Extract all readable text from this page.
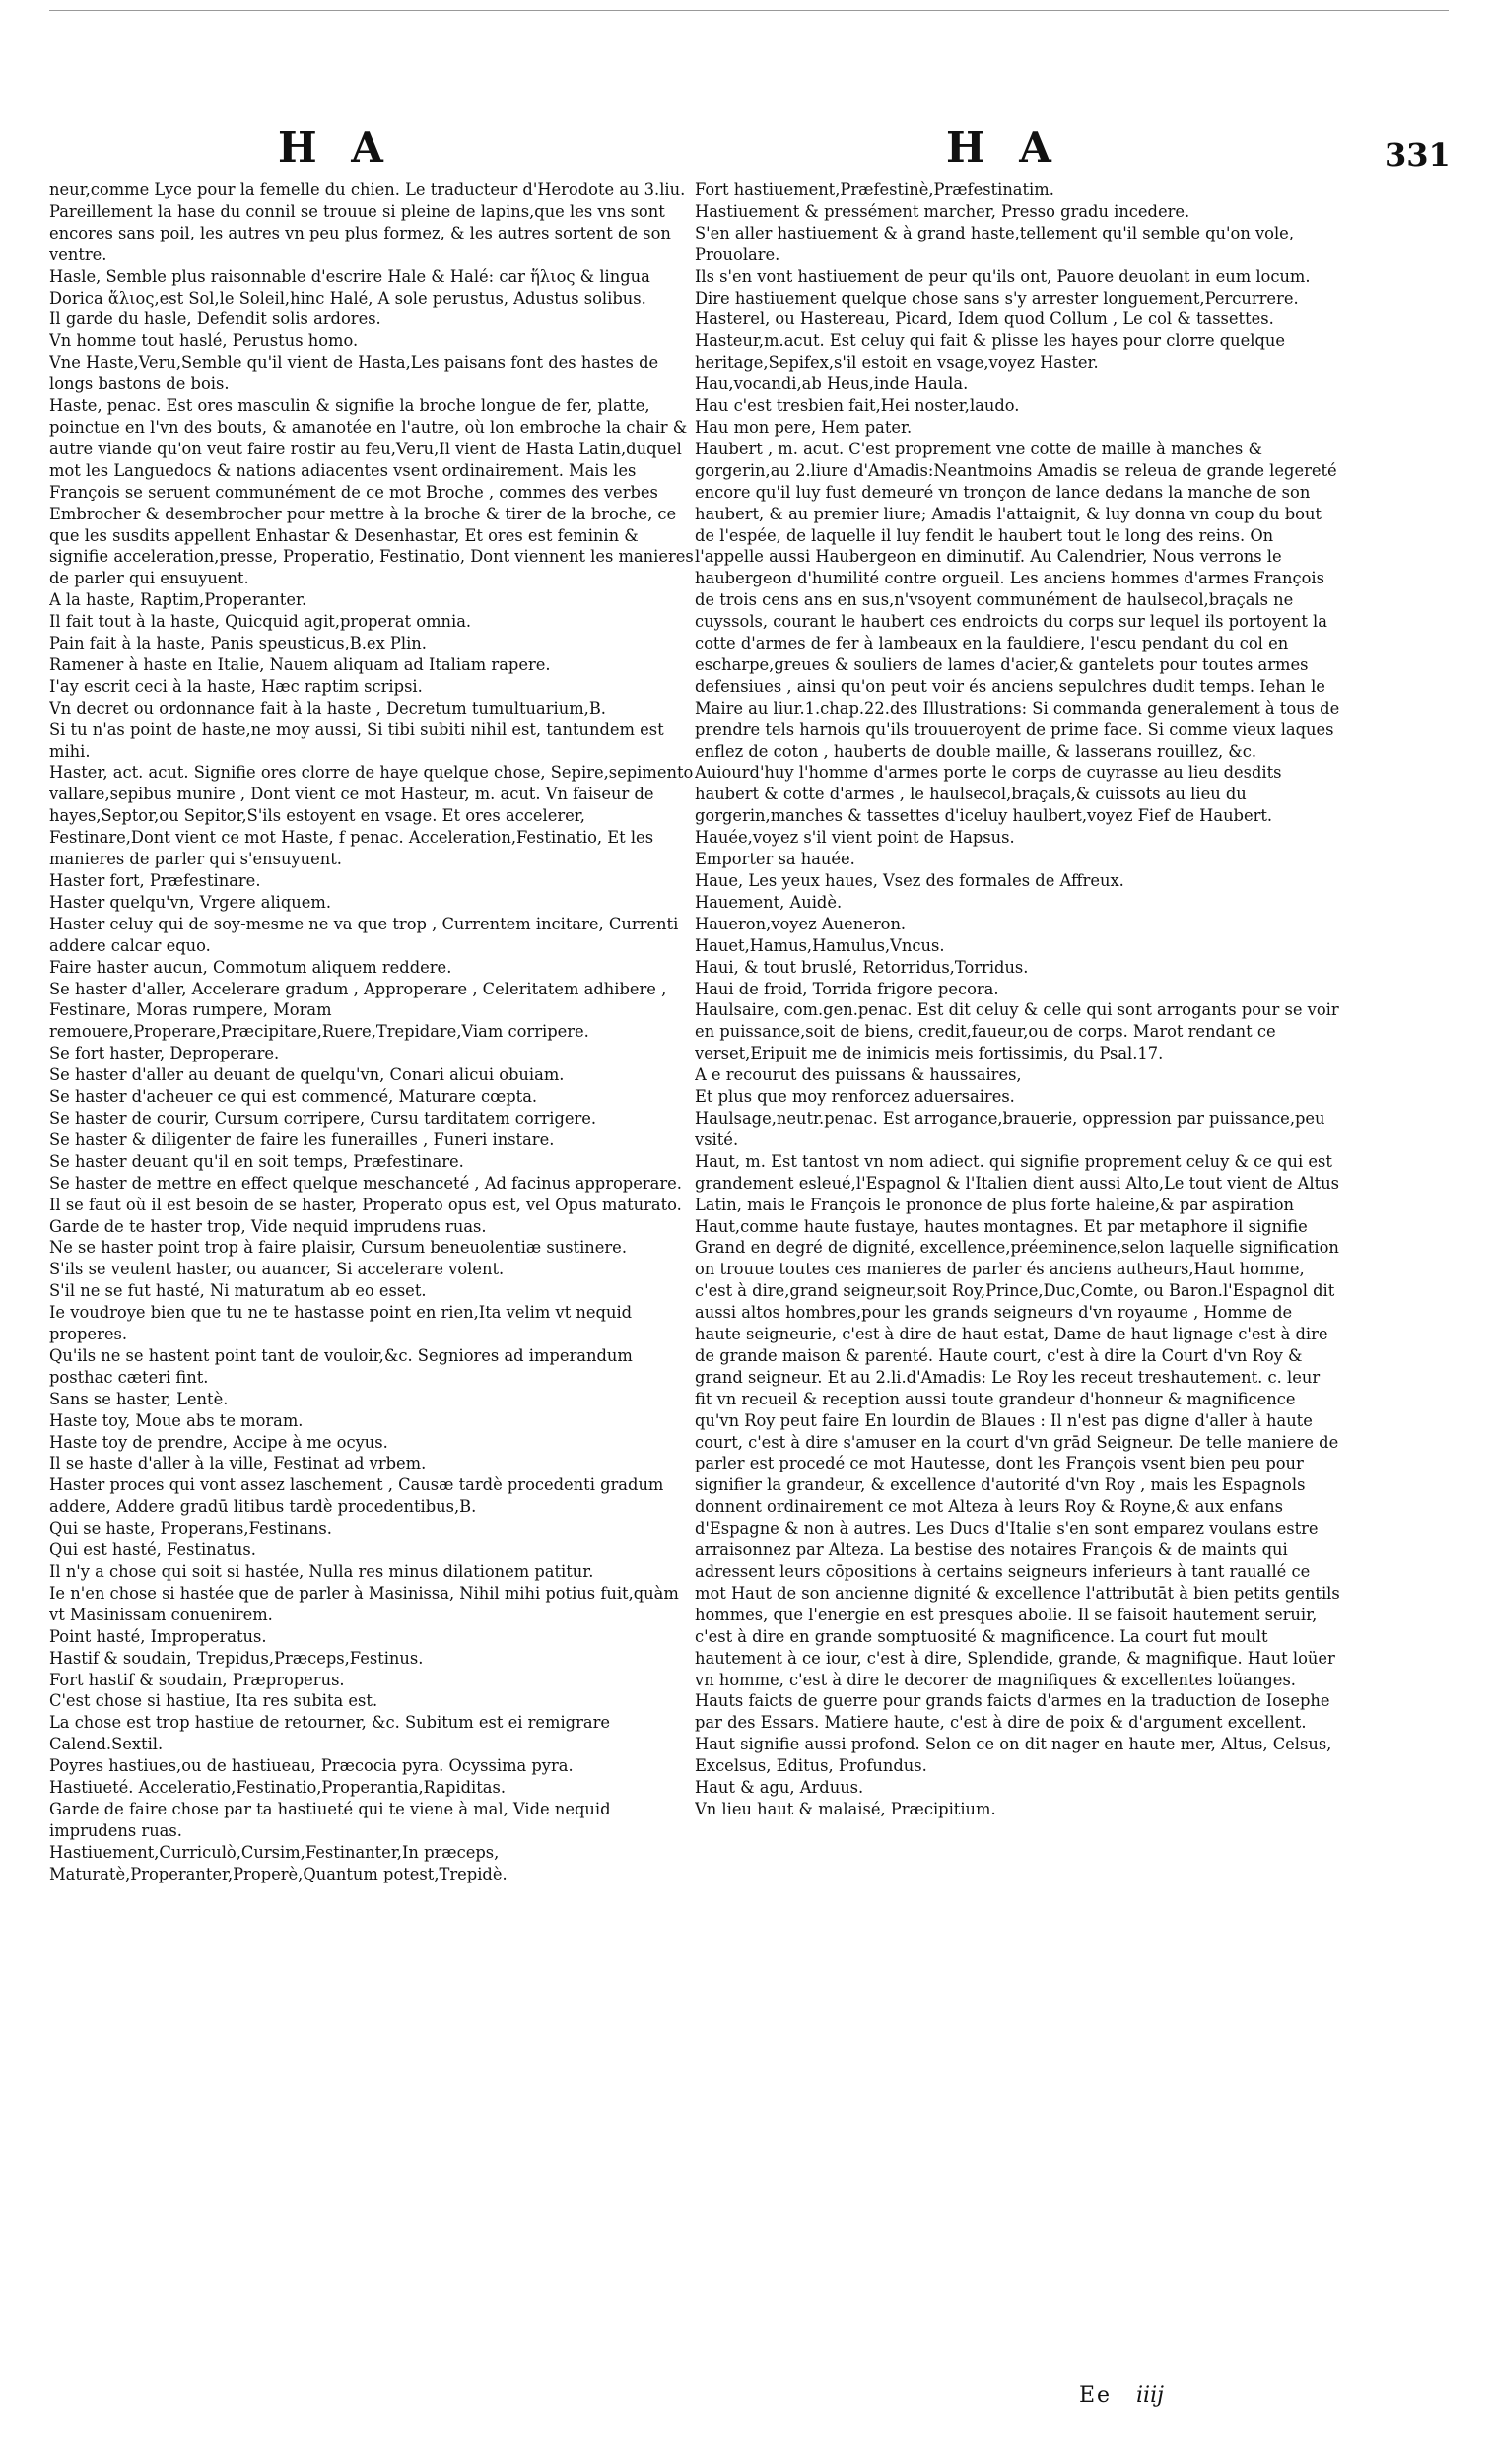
H A	H A	331

neur,comme Lyce pour la femelle du chien. Le traducteur d'Herodote au 3.liu. Pareillement la hase du connil se trouue si pleine de lapins,que les vns sont encores sans poil, les autres vn peu plus formez, & les autres sortent de son ventre.

Hasle, Semble plus raisonnable d'escrire Hale & Halé: car ἥλιος & lingua Dorica ἅλιος,est Sol,le Soleil,hinc Halé, A sole perustus, Adustus solibus.

Il garde du hasle, Defendit solis ardores.

Vn homme tout haslé, Perustus homo.

Vne Haste,Veru,Semble qu'il vient de Hasta,Les paisans font des hastes de longs bastons de bois.

Haste, penac. Est ores masculin & signifie la broche longue de fer, platte, poinctue en l'vn des bouts, & amanotée en l'autre, où lon embroche la chair & autre viande qu'on veut faire rostir au feu,Veru,Il vient de Hasta Latin,duquel mot les Languedocs & nations adiacentes vsent ordinairement. Mais les François se seruent communément de ce mot Broche , commes des verbes Embrocher & desembrocher pour mettre à la broche & tirer de la broche, ce que les susdits appellent Enhastar & Desenhastar, Et ores est feminin & signifie acceleration,presse, Properatio, Festinatio, Dont viennent les manieres de parler qui ensuyuent.

A la haste, Raptim,Properanter.

Il fait tout à la haste, Quicquid agit,properat omnia.

Pain fait à la haste, Panis speusticus,B.ex Plin.

Ramener à haste en Italie, Nauem aliquam ad Italiam rapere.

I'ay escrit ceci à la haste, Hæc raptim scripsi.

Vn decret ou ordonnance fait à la haste , Decretum tumultuarium,B.

Si tu n'as point de haste,ne moy aussi, Si tibi subiti nihil est, tantundem est mihi.

Haster, act. acut. Signifie ores clorre de haye quelque chose, Sepire,sepimento vallare,sepibus munire , Dont vient ce mot Hasteur, m. acut. Vn faiseur de hayes,Septor,ou Sepitor,S'ils estoyent en vsage. Et ores accelerer, Festinare,Dont vient ce mot Haste, f penac. Acceleration,Festinatio, Et les manieres de parler qui s'ensuyuent.

Haster fort, Præfestinare.

Haster quelqu'vn, Vrgere aliquem.

Haster celuy qui de soy-mesme ne va que trop , Currentem incitare, Currenti addere calcar equo.

Faire haster aucun, Commotum aliquem reddere.

Se haster d'aller, Accelerare gradum , Approperare , Celeritatem adhibere , Festinare, Moras rumpere, Moram remouere,Properare,Præcipitare,Ruere,Trepidare,Viam corripere.

Se fort haster, Deproperare.

Se haster d'aller au deuant de quelqu'vn, Conari alicui obuiam.

Se haster d'acheuer ce qui est commencé, Maturare cœpta.

Se haster de courir, Cursum corripere, Cursu tarditatem corrigere.

Se haster & diligenter de faire les funerailles , Funeri instare.

Se haster deuant qu'il en soit temps, Præfestinare.

Se haster de mettre en effect quelque meschanceté , Ad facinus approperare.

Il se faut où il est besoin de se haster, Properato opus est, vel Opus maturato.

Garde de te haster trop, Vide nequid imprudens ruas.

Ne se haster point trop à faire plaisir, Cursum beneuolentiæ sustinere.

S'ils se veulent haster, ou auancer, Si accelerare volent.

S'il ne se fut hasté, Ni maturatum ab eo esset.

Ie voudroye bien que tu ne te hastasse point en rien,Ita velim vt nequid properes.

Qu'ils ne se hastent point tant de vouloir,&c. Segniores ad imperandum posthac cæteri fint.

Sans se haster, Lentè.

Haste toy, Moue abs te moram.

Haste toy de prendre, Accipe à me ocyus.

Il se haste d'aller à la ville, Festinat ad vrbem.

Haster proces qui vont assez laschement , Causæ tardè procedenti gradum addere, Addere gradū litibus tardè procedentibus,B.

Qui se haste, Properans,Festinans.

Qui est hasté, Festinatus.

Il n'y a chose qui soit si hastée, Nulla res minus dilationem patitur.

Ie n'en chose si hastée que de parler à Masinissa, Nihil mihi potius fuit,quàm vt Masinissam conuenirem.

Point hasté, Improperatus.

Hastif & soudain, Trepidus,Præceps,Festinus.

Fort hastif & soudain, Præproperus.

C'est chose si hastiue, Ita res subita est.

La chose est trop hastiue de retourner, &c. Subitum est ei remigrare Calend.Sextil.

Poyres hastiues,ou de hastiueau, Præcocia pyra. Ocyssima pyra.

Hastiueté. Acceleratio,Festinatio,Properantia,Rapiditas.

Garde de faire chose par ta hastiueté qui te viene à mal, Vide nequid imprudens ruas.

Hastiuement,Curriculò,Cursim,Festinanter,In præceps, Maturatè,Properanter,Properè,Quantum potest,Trepidè.

Fort hastiuement,Præfestinè,Præfestinatim.

Hastiuement & pressément marcher, Presso gradu incedere.

S'en aller hastiuement & à grand haste,tellement qu'il semble qu'on vole, Prouolare.

Ils s'en vont hastiuement de peur qu'ils ont, Pauore deuolant in eum locum.

Dire hastiuement quelque chose sans s'y arrester longuement,Percurrere.

Hasterel, ou Hastereau, Picard, Idem quod Collum , Le col & tassettes.

Hasteur,m.acut. Est celuy qui fait & plisse les hayes pour clorre quelque heritage,Sepifex,s'il estoit en vsage,voyez Haster.

Hau,vocandi,ab Heus,inde Haula.

Hau c'est tresbien fait,Hei noster,laudo.

Hau mon pere, Hem pater.

Haubert , m. acut. C'est proprement vne cotte de maille à manches & gorgerin,au 2.liure d'Amadis:Neantmoins Amadis se releua de grande legereté encore qu'il luy fust demeuré vn tronçon de lance dedans la manche de son haubert, & au premier liure; Amadis l'attaignit, & luy donna vn coup du bout de l'espée, de laquelle il luy fendit le haubert tout le long des reins. On l'appelle aussi Haubergeon en diminutif. Au Calendrier, Nous verrons le haubergeon d'humilité contre orgueil. Les anciens hommes d'armes François de trois cens ans en sus,n'vsoyent communément de haulsecol,braçals ne cuyssols, courant le haubert ces endroicts du corps sur lequel ils portoyent la cotte d'armes de fer à lambeaux en la fauldiere, l'escu pendant du col en escharpe,greues & souliers de lames d'acier,& gantelets pour toutes armes defensiues , ainsi qu'on peut voir és anciens sepulchres dudit temps. Iehan le Maire au liur.1.chap.22.des Illustrations: Si commanda generalement à tous de prendre tels harnois qu'ils trouueroyent de prime face. Si comme vieux laques enflez de coton , hauberts de double maille, & lasserans rouillez, &c. Auiourd'huy l'homme d'armes porte le corps de cuyrasse au lieu desdits haubert & cotte d'armes , le haulsecol,braçals,& cuissots au lieu du gorgerin,manches & tassettes d'iceluy haulbert,voyez Fief de Haubert.

Hauée,voyez s'il vient point de Hapsus.

Emporter sa hauée.

Haue, Les yeux haues, Vsez des formales de Affreux.

Hauement, Auidè.

Haueron,voyez Aueneron.

Hauet,Hamus,Hamulus,Vncus.

Haui, & tout bruslé, Retorridus,Torridus.

Haui de froid, Torrida frigore pecora.

Haulsaire, com.gen.penac. Est dit celuy & celle qui sont arrogants pour se voir en puissance,soit de biens, credit,faueur,ou de corps. Marot rendant ce verset,Eripuit me de inimicis meis fortissimis, du Psal.17.

A e recourut des puissans & haussaires,

Et plus que moy renforcez aduersaires.

Haulsage,neutr.penac. Est arrogance,brauerie, oppression par puissance,peu vsité.

Haut, m. Est tantost vn nom adiect. qui signifie proprement celuy & ce qui est grandement esleué,l'Espagnol & l'Italien dient aussi Alto,Le tout vient de Altus Latin, mais le François le prononce de plus forte haleine,& par aspiration Haut,comme haute fustaye, hautes montagnes. Et par metaphore il signifie Grand en degré de dignité, excellence,préeminence,selon laquelle signification on trouue toutes ces manieres de parler és anciens autheurs,Haut homme, c'est à dire,grand seigneur,soit Roy,Prince,Duc,Comte, ou Baron.l'Espagnol dit aussi altos hombres,pour les grands seigneurs d'vn royaume , Homme de haute seigneurie, c'est à dire de haut estat, Dame de haut lignage c'est à dire de grande maison & parenté. Haute court, c'est à dire la Court d'vn Roy & grand seigneur. Et au 2.li.d'Amadis: Le Roy les receut treshautement. c. leur fit vn recueil & reception aussi toute grandeur d'honneur & magnificence qu'vn Roy peut faire En lourdin de Blaues : Il n'est pas digne d'aller à haute court, c'est à dire s'amuser en la court d'vn grād Seigneur. De telle maniere de parler est procedé ce mot Hautesse, dont les François vsent bien peu pour signifier la grandeur, & excellence d'autorité d'vn Roy , mais les Espagnols donnent ordinairement ce mot Alteza à leurs Roy & Royne,& aux enfans d'Espagne & non à autres. Les Ducs d'Italie s'en sont emparez voulans estre arraisonnez par Alteza. La bestise des notaires François & de maints qui adressent leurs cōpositions à certains seigneurs inferieurs à tant rauallé ce mot Haut de son ancienne dignité & excellence l'attributāt à bien petits gentils hommes, que l'energie en est presques abolie. Il se faisoit hautement seruir, c'est à dire en grande somptuosité & magnificence. La court fut moult hautement à ce iour, c'est à dire, Splendide, grande, & magnifique. Haut loüer vn homme, c'est à dire le decorer de magnifiques & excellentes loüanges. Hauts faicts de guerre pour grands faicts d'armes en la traduction de Iosephe par des Essars. Matiere haute, c'est à dire de poix & d'argument excellent. Haut signifie aussi profond. Selon ce on dit nager en haute mer, Altus, Celsus, Excelsus, Editus, Profundus.

Haut & agu, Arduus.

Vn lieu haut & malaisé, Præcipitium.

Ee iiij
